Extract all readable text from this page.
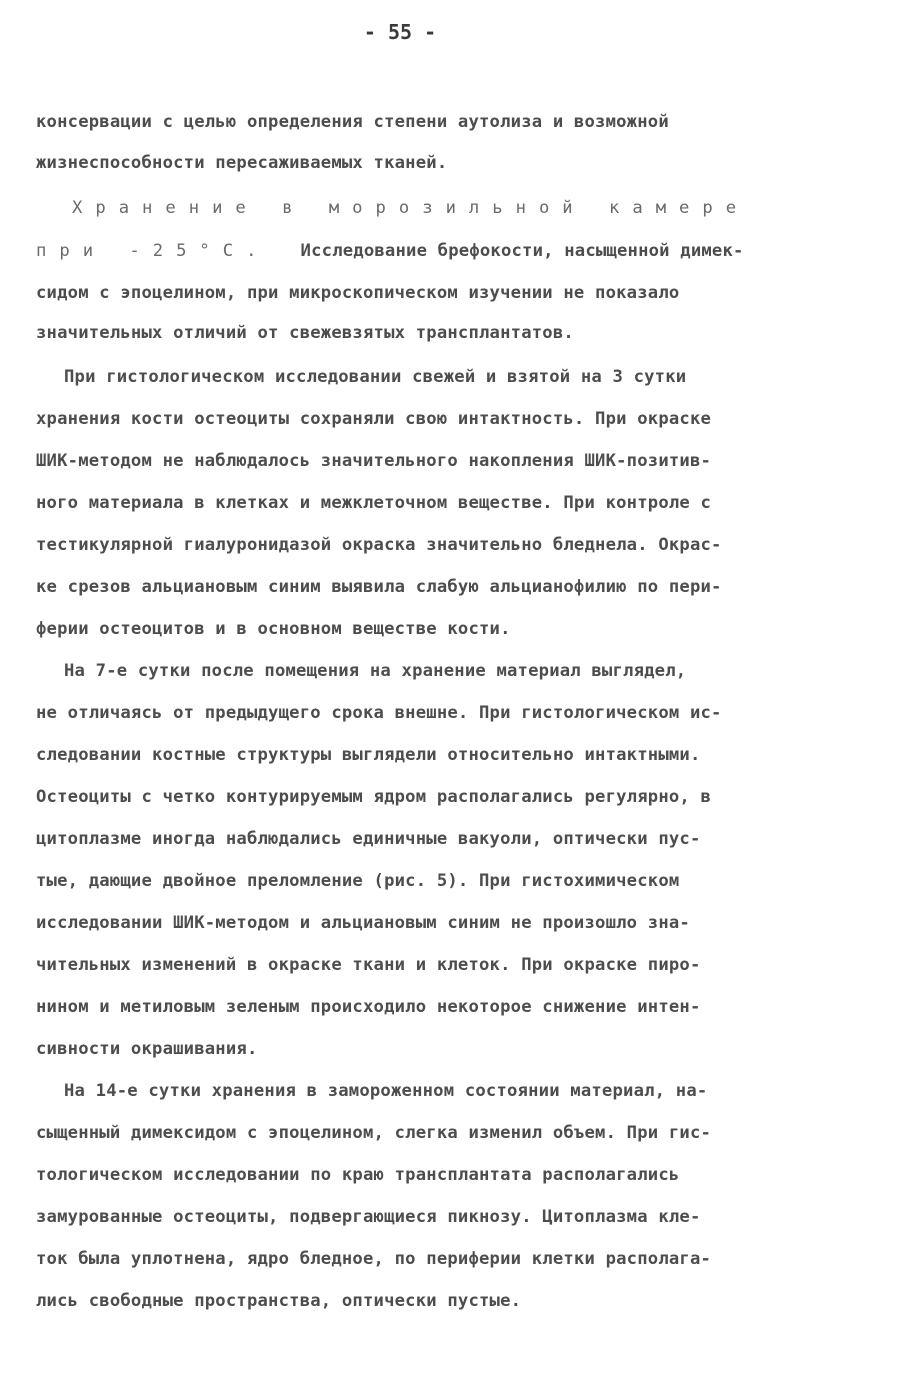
- 55 -
консервации с целью определения степени аутолиза и возможной
жизнеспособности пересаживаемых тканей.
Хранение в морозильной камере
при -25°С. Исследование брефокости, насыщенной димек-
сидом с эпоцелином, при микроскопическом изучении не показало
значительных отличий от свежевзятых трансплантатов.
При гистологическом исследовании свежей и взятой на 3 сутки
хранения кости остеоциты сохраняли свою интактность. При окраске
ШИК-методом не наблюдалось значительного накопления ШИК-позитив-
ного материала в клетках и межклеточном веществе. При контроле с
тестикулярной гиалуронидазой окраска значительно бледнела. Окрас-
ке срезов альциановым синим выявила слабую альцианофилию по пери-
ферии остеоцитов и в основном веществе кости.
На 7-е сутки после помещения на хранение материал выглядел,
не отличаясь от предыдущего срока внешне. При гистологическом ис-
следовании костные структуры выглядели относительно интактными.
Остеоциты с четко контурируемым ядром располагались регулярно, в
цитоплазме иногда наблюдались единичные вакуоли, оптически пус-
тые, дающие двойное преломление (рис. 5). При гистохимическом
исследовании ШИК-методом и альциановым синим не произошло зна-
чительных изменений в окраске ткани и клеток. При окраске пиро-
нином и метиловым зеленым происходило некоторое снижение интен-
сивности окрашивания.
На 14-е сутки хранения в замороженном состоянии материал, на-
сыщенный димексидом с эпоцелином, слегка изменил объем. При гис-
тологическом исследовании по краю трансплантата располагались
замурованные остеоциты, подвергающиеся пикнозу. Цитоплазма кле-
ток была уплотнена, ядро бледное, по периферии клетки располага-
лись свободные пространства, оптически пустые.
